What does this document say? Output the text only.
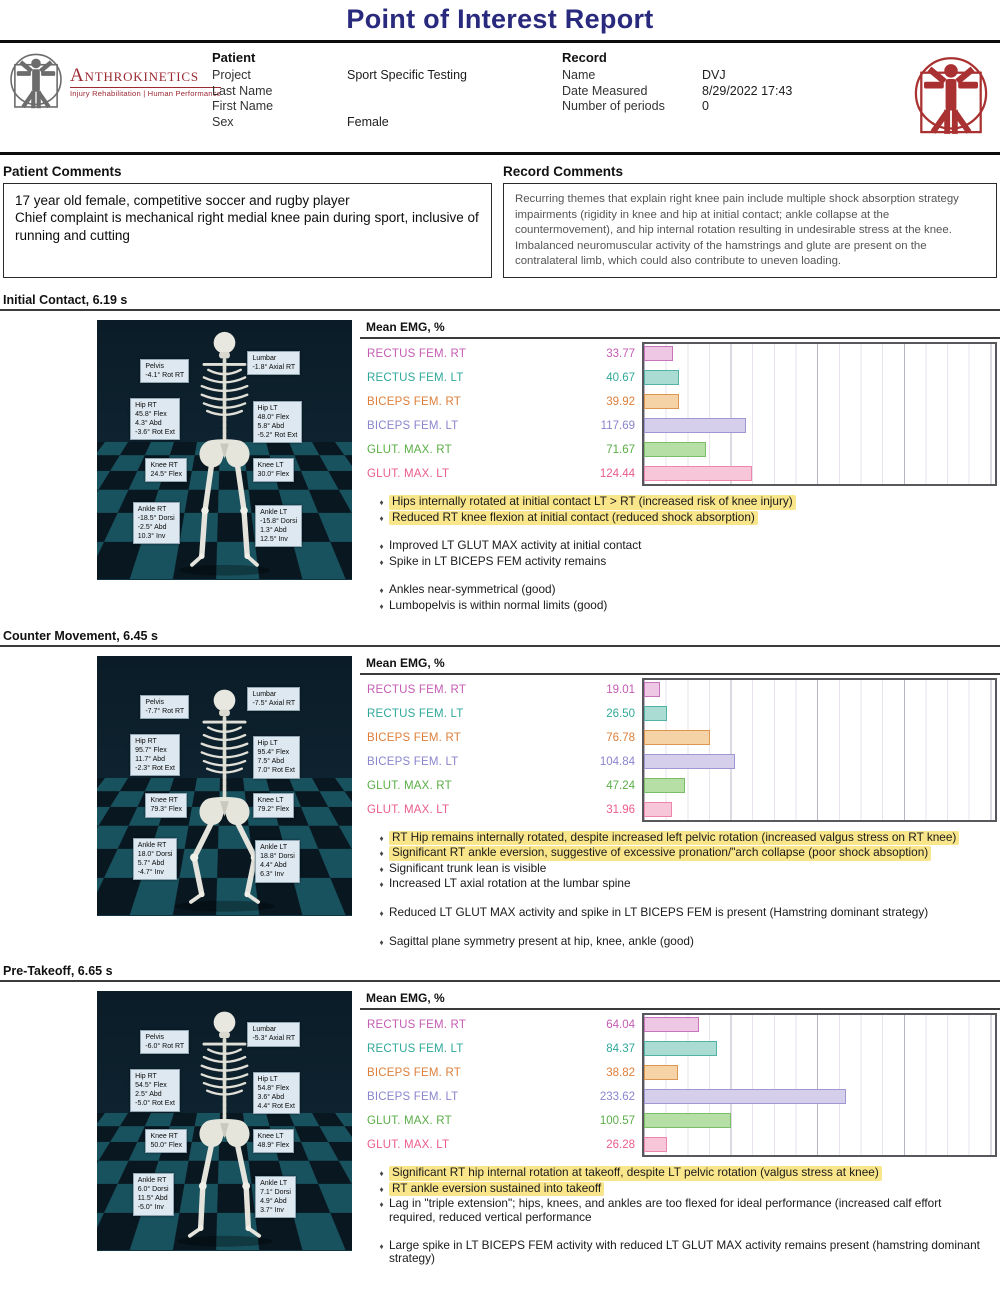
Point of Interest Report
Anthrokinetics
Injury Rehabilitation | Human Performance
Patient
Project	Sport Specific Testing
Last Name
First Name
Sex	Female
Record
Name	DVJ
Date Measured	8/29/2022 17:43
Number of periods	0
Patient Comments
17 year old female, competitive soccer and rugby player
Chief complaint is mechanical right medial knee pain during sport, inclusive of running and cutting
Record Comments
Recurring themes that explain right knee pain include multiple shock absorption strategy impairments (rigidity in knee and hip at initial contact; ankle collapse at the countermovement), and hip internal rotation resulting in undesirable stress at the knee. Imbalanced neuromuscular activity of the hamstrings and glute are present on the contralateral limb, which could also contribute to uneven loading.
Initial Contact, 6.19 s
Pelvis
-4.1° Rot RT
Lumbar
-1.8° Axial RT
Hip RT
45.8° Flex
4.3° Abd
-3.6° Rot Ext
Hip LT
48.0° Flex
5.8° Abd
-5.2° Rot Ext
Knee RT
24.5° Flex
Knee LT
30.0° Flex
Ankle RT
-18.5° Dorsi
-2.5° Abd
10.3° Inv
Ankle LT
-15.8° Dorsi
1.3° Abd
12.5° Inv
Mean EMG, %
RECTUS FEM. RT	33.77
RECTUS FEM. LT	40.67
BICEPS FEM. RT	39.92
BICEPS FEM. LT	117.69
GLUT. MAX. RT	71.67
GLUT. MAX. LT	124.44
♦ Hips internally rotated at initial contact LT > RT (increased risk of knee injury)
♦ Reduced RT knee flexion at initial contact (reduced shock absorption)
♦ Improved LT GLUT MAX activity at initial contact
♦ Spike in LT BICEPS FEM activity remains
♦ Ankles near-symmetrical (good)
♦ Lumbopelvis is within normal limits (good)
Counter Movement, 6.45 s
Pelvis
-7.7° Rot RT
Lumbar
-7.5° Axial RT
Hip RT
95.7° Flex
11.7° Abd
-2.3° Rot Ext
Hip LT
95.4° Flex
7.5° Abd
7.0° Rot Ext
Knee RT
79.3° Flex
Knee LT
79.2° Flex
Ankle RT
18.0° Dorsi
5.7° Abd
-4.7° Inv
Ankle LT
18.8° Dorsi
4.4° Abd
6.3° Inv
Mean EMG, %
RECTUS FEM. RT	19.01
RECTUS FEM. LT	26.50
BICEPS FEM. RT	76.78
BICEPS FEM. LT	104.84
GLUT. MAX. RT	47.24
GLUT. MAX. LT	31.96
♦ RT Hip remains internally rotated, despite increased left pelvic rotation (increased valgus stress on RT knee)
♦ Significant RT ankle eversion, suggestive of excessive pronation/"arch collapse (poor shock absoption)
♦ Significant trunk lean is visible
♦ Increased LT axial rotation at the lumbar spine
♦ Reduced LT GLUT MAX activity and spike in LT BICEPS FEM is present (Hamstring dominant strategy)
♦ Sagittal plane symmetry present at hip, knee, ankle (good)
Pre-Takeoff, 6.65 s
Pelvis
-6.0° Rot RT
Lumbar
-5.3° Axial RT
Hip RT
54.5° Flex
2.5° Abd
-5.0° Rot Ext
Hip LT
54.8° Flex
3.6° Abd
4.4° Rot Ext
Knee RT
50.0° Flex
Knee LT
48.9° Flex
Ankle RT
6.0° Dorsi
11.5° Abd
-5.0° Inv
Ankle LT
7.1° Dorsi
4.9° Abd
3.7° Inv
Mean EMG, %
RECTUS FEM. RT	64.04
RECTUS FEM. LT	84.37
BICEPS FEM. RT	38.82
BICEPS FEM. LT	233.62
GLUT. MAX. RT	100.57
GLUT. MAX. LT	26.28
♦ Significant RT hip internal rotation at takeoff, despite LT pelvic rotation (valgus stress at knee)
♦ RT ankle eversion sustained into takeoff
♦ Lag in "triple extension"; hips, knees, and ankles are too flexed for ideal performance (increased calf effort required, reduced vertical performance
♦ Large spike in LT BICEPS FEM activity with reduced LT GLUT MAX activity remains present (hamstring dominant strategy)
